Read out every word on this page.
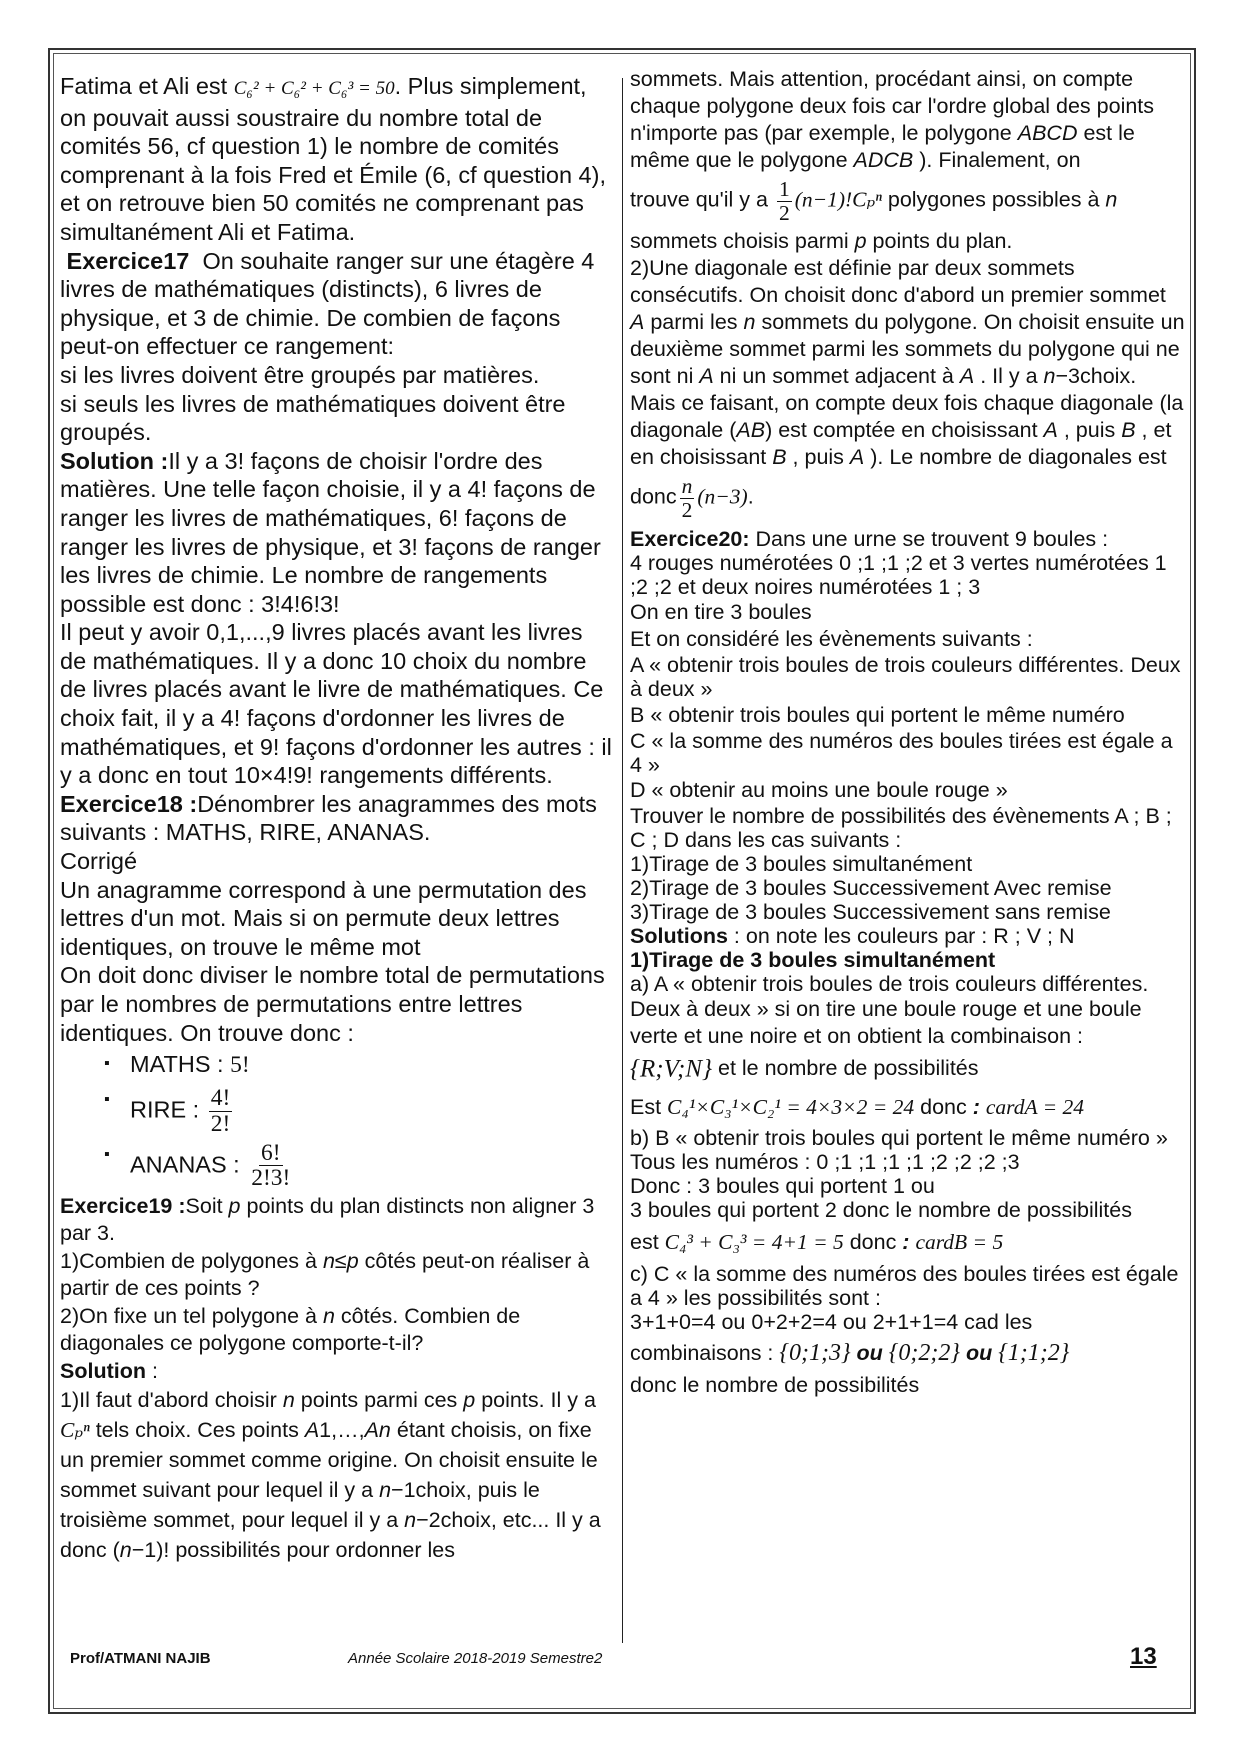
Fatima et Ali est C₆² + C₆² + C₆³ = 50. Plus simplement, on pouvait aussi soustraire du nombre total de comités 56, cf question 1) le nombre de comités comprenant à la fois Fred et Émile (6, cf question 4), et on retrouve bien 50 comités ne comprenant pas simultanément Ali et Fatima.

Exercice17 On souhaite ranger sur une étagère 4 livres de mathématiques (distincts), 6 livres de physique, et 3 de chimie. De combien de façons peut-on effectuer ce rangement:

si les livres doivent être groupés par matières.

si seuls les livres de mathématiques doivent être groupés.

Solution :Il y a 3! façons de choisir l'ordre des matières. Une telle façon choisie, il y a 4! façons de ranger les livres de mathématiques, 6! façons de ranger les livres de physique, et 3! façons de ranger les livres de chimie. Le nombre de rangements possible est donc : 3!4!6!3!

Il peut y avoir 0,1,...,9 livres placés avant les livres de mathématiques. Il y a donc 10 choix du nombre de livres placés avant le livre de mathématiques. Ce choix fait, il y a 4! façons d'ordonner les livres de mathématiques, et 9! façons d'ordonner les autres : il y a donc en tout 10×4!9! rangements différents.

Exercice18 :Dénombrer les anagrammes des mots suivants : MATHS, RIRE, ANANAS.

Corrigé

Un anagramme correspond à une permutation des lettres d'un mot. Mais si on permute deux lettres identiques, on trouve le même mot

On doit donc diviser le nombre total de permutations par le nombres de permutations entre lettres identiques. On trouve donc :

▪ MATHS : 5!
▪ RIRE : $\frac{4!}{2!}$
▪ ANANAS : $\frac{6!}{2!3!}$

Exercice19 :Soit p points du plan distincts non aligner 3 par 3.

1)Combien de polygones à n≤p côtés peut-on réaliser à partir de ces points ?

2)On fixe un tel polygone à n côtés. Combien de diagonales ce polygone comporte-t-il?

Solution :

1)Il faut d'abord choisir n points parmi ces p points. Il y a Cₚⁿ tels choix. Ces points A1,…,An étant choisis, on fixe un premier sommet comme origine. On choisit ensuite le sommet suivant pour lequel il y a n−1choix, puis le troisième sommet, pour lequel il y a n−2choix, etc... Il y a donc (n−1)! possibilités pour ordonner les

sommets. Mais attention, procédant ainsi, on compte chaque polygone deux fois car l'ordre global des points n'importe pas (par exemple, le polygone ABCD est le même que le polygone ADCB ). Finalement, on

trouve qu'il y a $\frac{1}{2} (n-1)!C_p^n$ polygones possibles à n

sommets choisis parmi p points du plan.

2)Une diagonale est définie par deux sommets consécutifs. On choisit donc d'abord un premier sommet A parmi les n sommets du polygone. On choisit ensuite un deuxième sommet parmi les sommets du polygone qui ne sont ni A ni un sommet adjacent à A . Il y a n−3choix. Mais ce faisant, on compte deux fois chaque diagonale (la diagonale (AB) est comptée en choisissant A , puis B , et en choisissant B , puis A ). Le nombre de diagonales est

donc $\frac{n}{2} (n-3)$.

Exercice20: Dans une urne se trouvent 9 boules :

4 rouges numérotées 0 ;1 ;1 ;2 et 3 vertes numérotées 1 ;2 ;2 et deux noires numérotées 1 ; 3

On en tire 3 boules

Et on considéré les évènements suivants :

A « obtenir trois boules de trois couleurs différentes. Deux à deux »

B « obtenir trois boules qui portent le même numéro

C « la somme des numéros des boules tirées est égale a 4 »

D « obtenir au moins une boule rouge »

Trouver le nombre de possibilités des évènements A ; B ; C ; D dans les cas suivants :

1)Tirage de 3 boules simultanément

2)Tirage de 3 boules Successivement Avec remise

3)Tirage de 3 boules Successivement sans remise

Solutions : on note les couleurs par : R ; V ; N

1)Tirage de 3 boules simultanément

a) A « obtenir trois boules de trois couleurs différentes.

Deux à deux » si on tire une boule rouge et une boule verte et une noire et on obtient la combinaison :

{R;V;N} et le nombre de possibilités

Est C₄¹×C₃¹×C₂¹ = 4×3×2 = 24 donc : cardA = 24

b) B « obtenir trois boules qui portent le même numéro »

Tous les numéros : 0 ;1 ;1 ;1 ;1 ;2 ;2 ;2 ;3

Donc : 3 boules qui portent 1 ou

3 boules qui portent 2 donc le nombre de possibilités

est C₄³ + C₃³ = 4+1 = 5 donc : cardB = 5

c) C « la somme des numéros des boules tirées est égale a 4 » les possibilités sont :

3+1+0=4 ou 0+2+2=4 ou 2+1+1=4 cad les

combinaisons : {0;1;3} ou {0;2;2} ou {1;1;2}

donc le nombre de possibilités

Prof/ATMANI NAJIB	Année Scolaire 2018-2019 Semestre2	13
